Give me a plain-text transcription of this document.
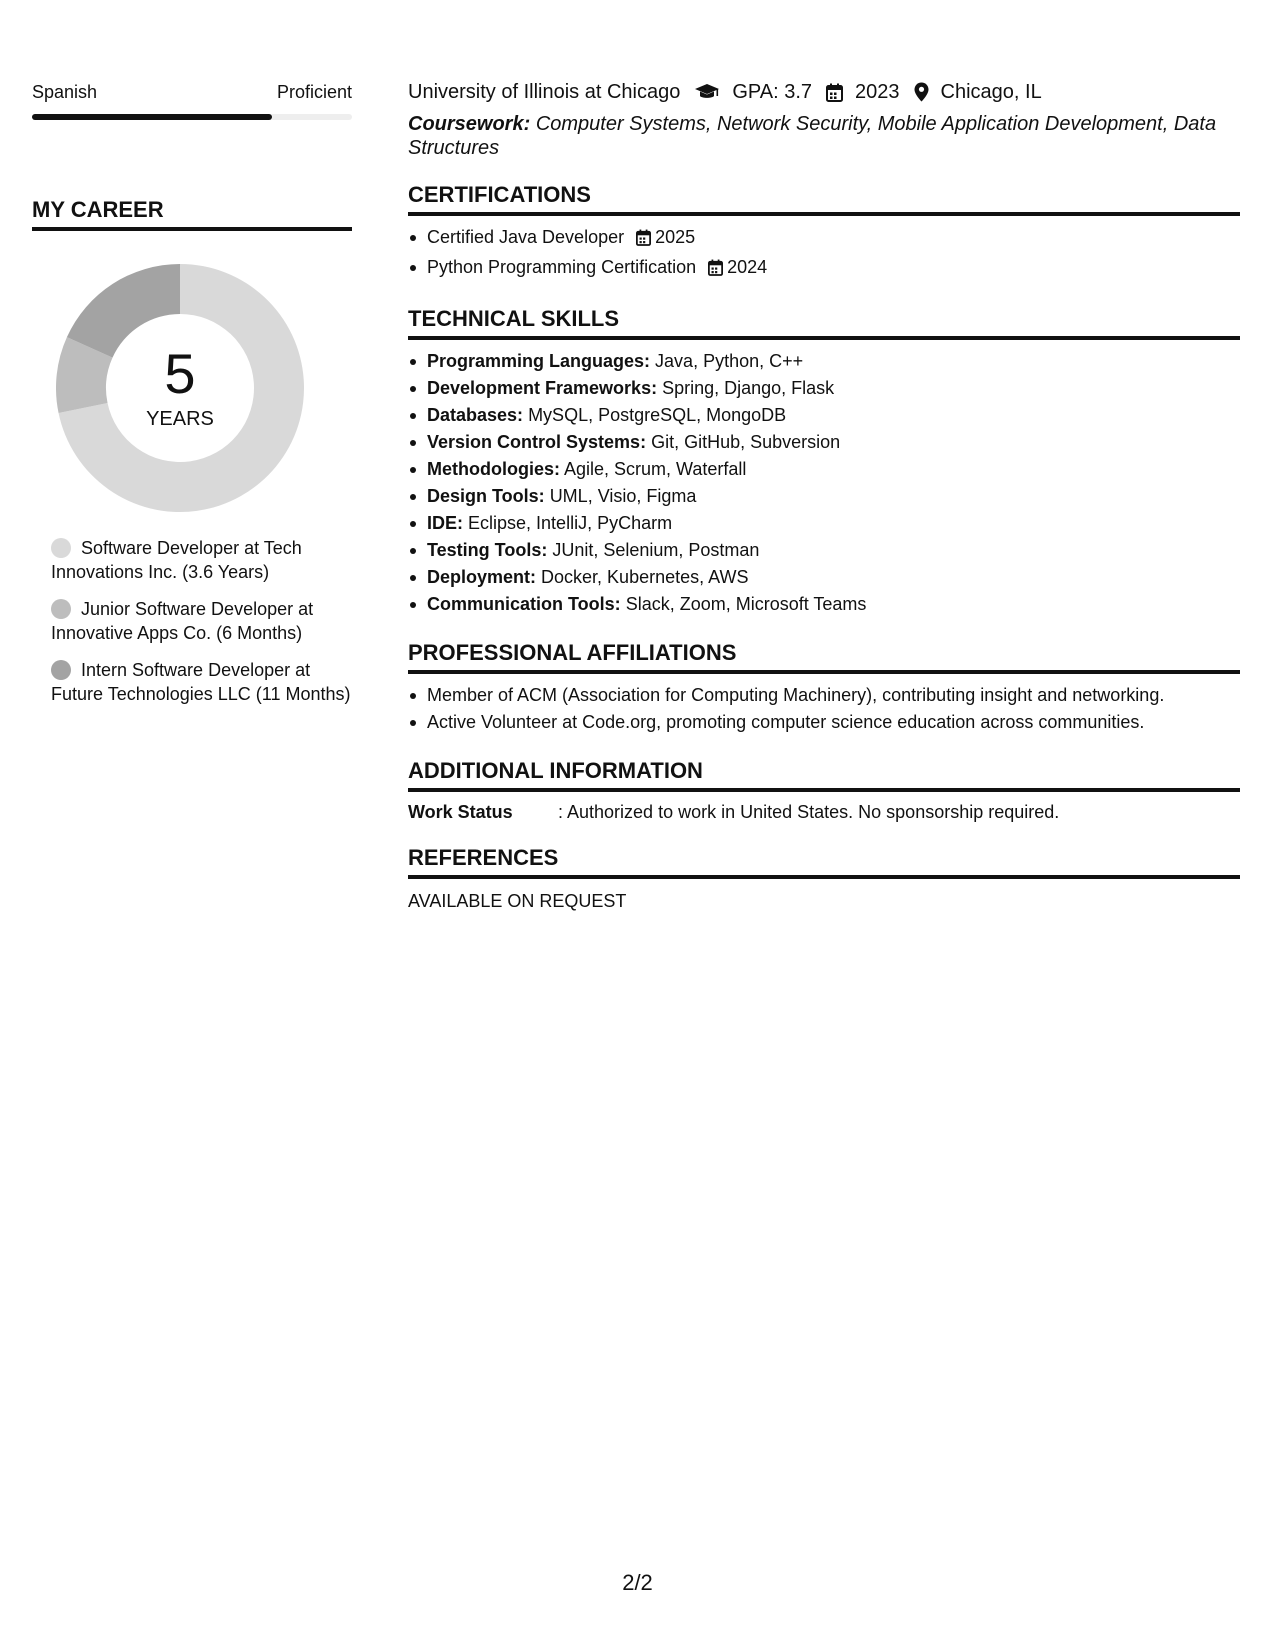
Spanish	Proficient
MY CAREER
5
YEARS
Software Developer at Tech Innovations Inc. (3.6 Years)
Junior Software Developer at Innovative Apps Co. (6 Months)
Intern Software Developer at Future Technologies LLC (11 Months)
University of Illinois at Chicago	GPA: 3.7 2023 Chicago, IL
Coursework: Computer Systems, Network Security, Mobile Application Development, Data Structures
CERTIFICATIONS
Certified Java Developer 2025
Python Programming Certification 2024
TECHNICAL SKILLS
Programming Languages: Java, Python, C++
Development Frameworks: Spring, Django, Flask
Databases: MySQL, PostgreSQL, MongoDB
Version Control Systems: Git, GitHub, Subversion
Methodologies: Agile, Scrum, Waterfall
Design Tools: UML, Visio, Figma
IDE: Eclipse, IntelliJ, PyCharm
Testing Tools: JUnit, Selenium, Postman
Deployment: Docker, Kubernetes, AWS
Communication Tools: Slack, Zoom, Microsoft Teams
PROFESSIONAL AFFILIATIONS
Member of ACM (Association for Computing Machinery), contributing insight and networking.
Active Volunteer at Code.org, promoting computer science education across communities.
ADDITIONAL INFORMATION
Work Status	: Authorized to work in United States. No sponsorship required.
REFERENCES
AVAILABLE ON REQUEST
2/2
